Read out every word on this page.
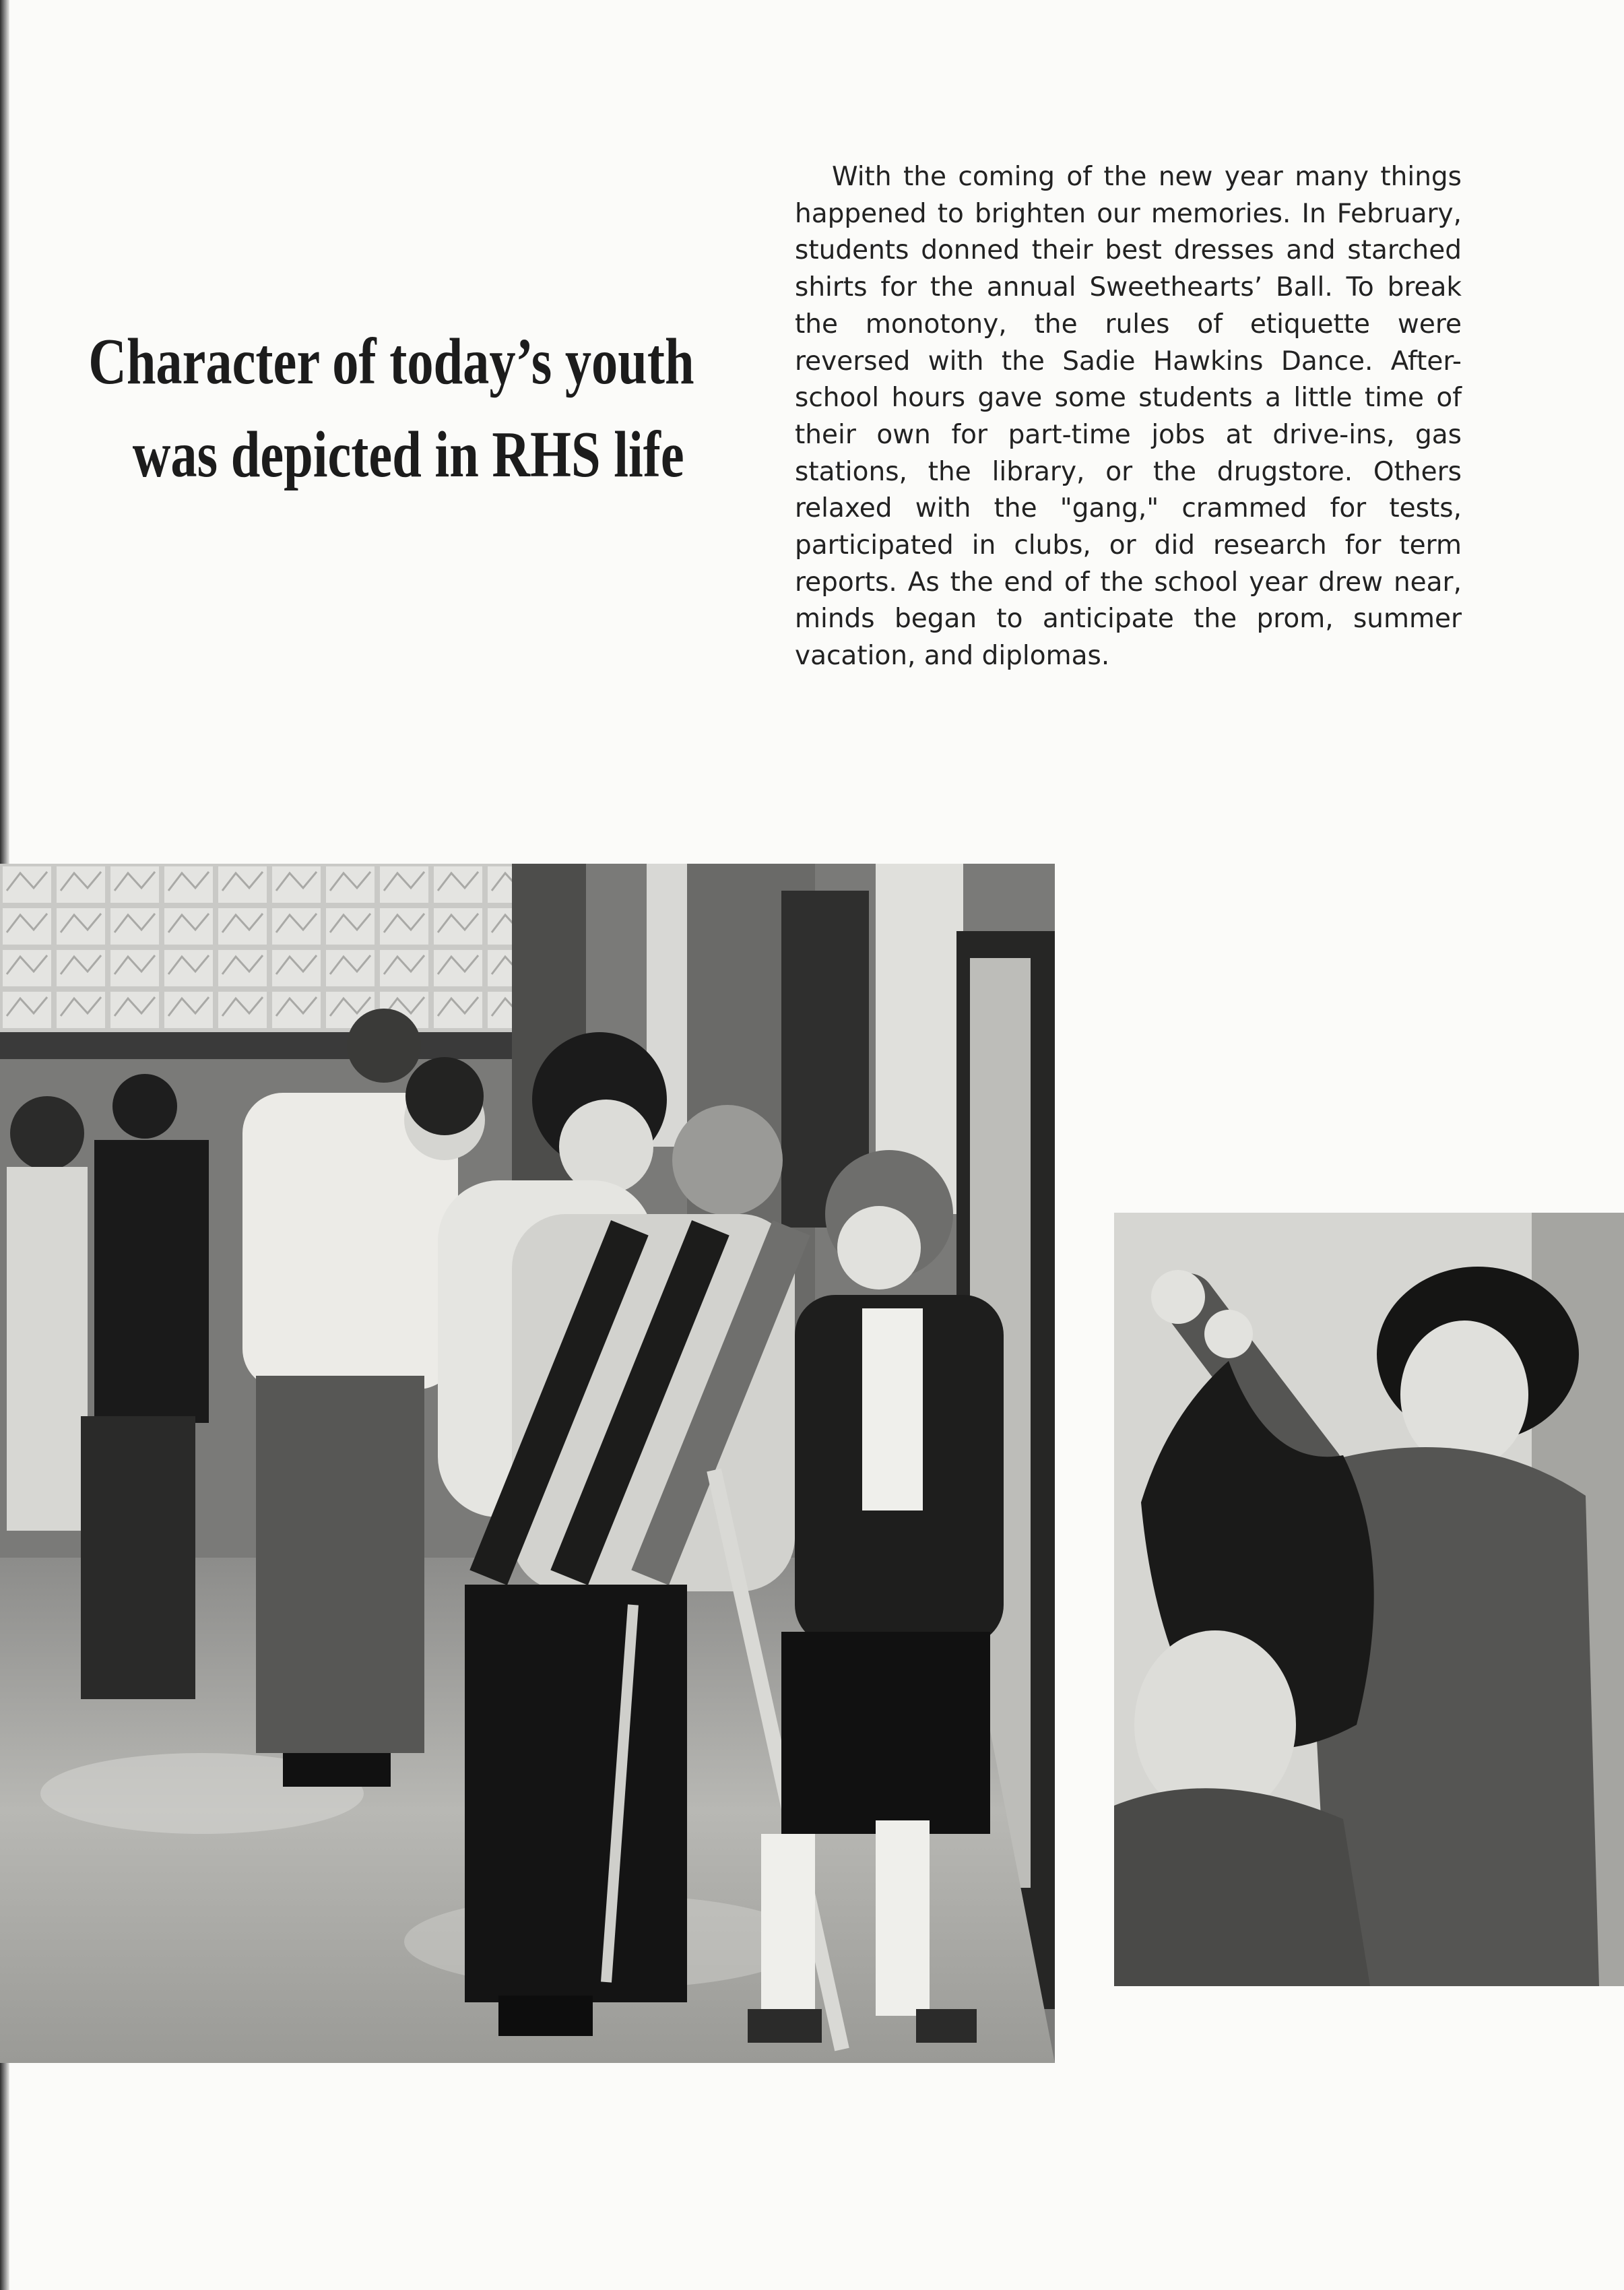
Character of today’s youth
was depicted in RHS life

With the coming of the new year many things happened to brighten our memories. In February, students donned their best dresses and starched shirts for the annual Sweethearts’ Ball. To break the monotony, the rules of etiquette were reversed with the Sadie Hawkins Dance. After-school hours gave some students a little time of their own for part-time jobs at drive-ins, gas stations, the library, or the drugstore. Others relaxed with the "gang," crammed for tests, participated in clubs, or did research for term reports. As the end of the school year drew near, minds began to anticipate the prom, summer vacation, and diplomas.
